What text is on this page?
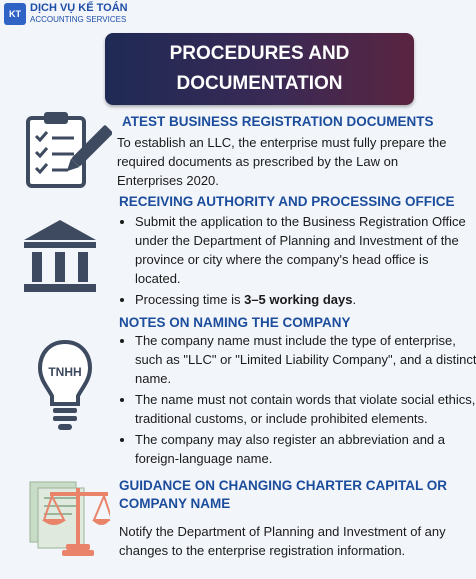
KT DỊCH VỤ KẾ TOÁN
ACCOUNTING SERVICES
PROCEDURES AND
DOCUMENTATION
ATEST BUSINESS REGISTRATION DOCUMENTS
To establish an LLC, the enterprise must fully prepare the required documents as prescribed by the Law on Enterprises 2020.
RECEIVING AUTHORITY AND PROCESSING OFFICE
• Submit the application to the Business Registration Office under the Department of Planning and Investment of the province or city where the company's head office is located.
• Processing time is 3–5 working days.
TNHH
NOTES ON NAMING THE COMPANY
• The company name must include the type of enterprise, such as "LLC" or "Limited Liability Company", and a distinct name.
• The name must not contain words that violate social ethics, traditional customs, or include prohibited elements.
• The company may also register an abbreviation and a foreign-language name.
GUIDANCE ON CHANGING CHARTER CAPITAL OR
COMPANY NAME
Notify the Department of Planning and Investment of any changes to the enterprise registration information.
